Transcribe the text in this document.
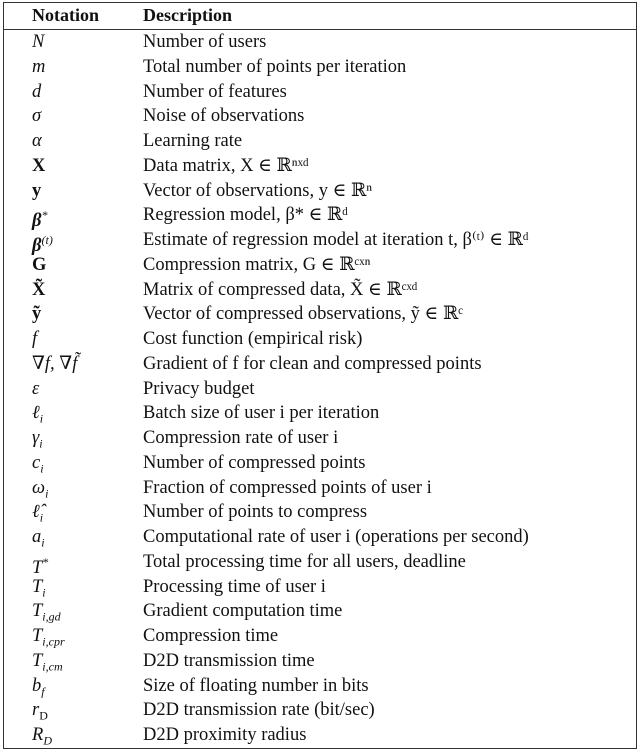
Notation Description
N	Number of users
m	Total number of points per iteration
d	Number of features
σ	Noise of observations
α	Learning rate
X	Data matrix, X ∈ ℝⁿˣᵈ
y	Vector of observations, y ∈ ℝⁿ
β*	Regression model, β* ∈ ℝᵈ
$\beta^{(t)}$	Estimate of regression model at iteration t, β⁽ᵗ⁾ ∈ ℝᵈ
G	Compression matrix, G ∈ ℝᶜˣⁿ
X̃	Matrix of compressed data, X̃ ∈ ℝᶜˣᵈ
ỹ	Vector of compressed observations, ỹ ∈ ℝᶜ
f	Cost function (empirical risk)
∇f, ∇f̃	Gradient of f for clean and compressed points
ε	Privacy budget
ℓ$_i$	Batch size of user i per iteration
$\gamma_i$	Compression rate of user i
$c_i$	Number of compressed points
$\omega_i$	Fraction of compressed points of user i
$\ell̂_i$	Number of points to compress
$a_i$	Computational rate of user i (operations per second)
T*	Total processing time for all users, deadline
$T_i$	Processing time of user i
$T_{i,gd}$	Gradient computation time
$T_{i,cpr}$	Compression time
$T_{i,cm}$	D2D transmission time
$b_f$	Size of floating number in bits
$r_D$	D2D transmission rate (bit/sec)
$R_D$	D2D proximity radius
